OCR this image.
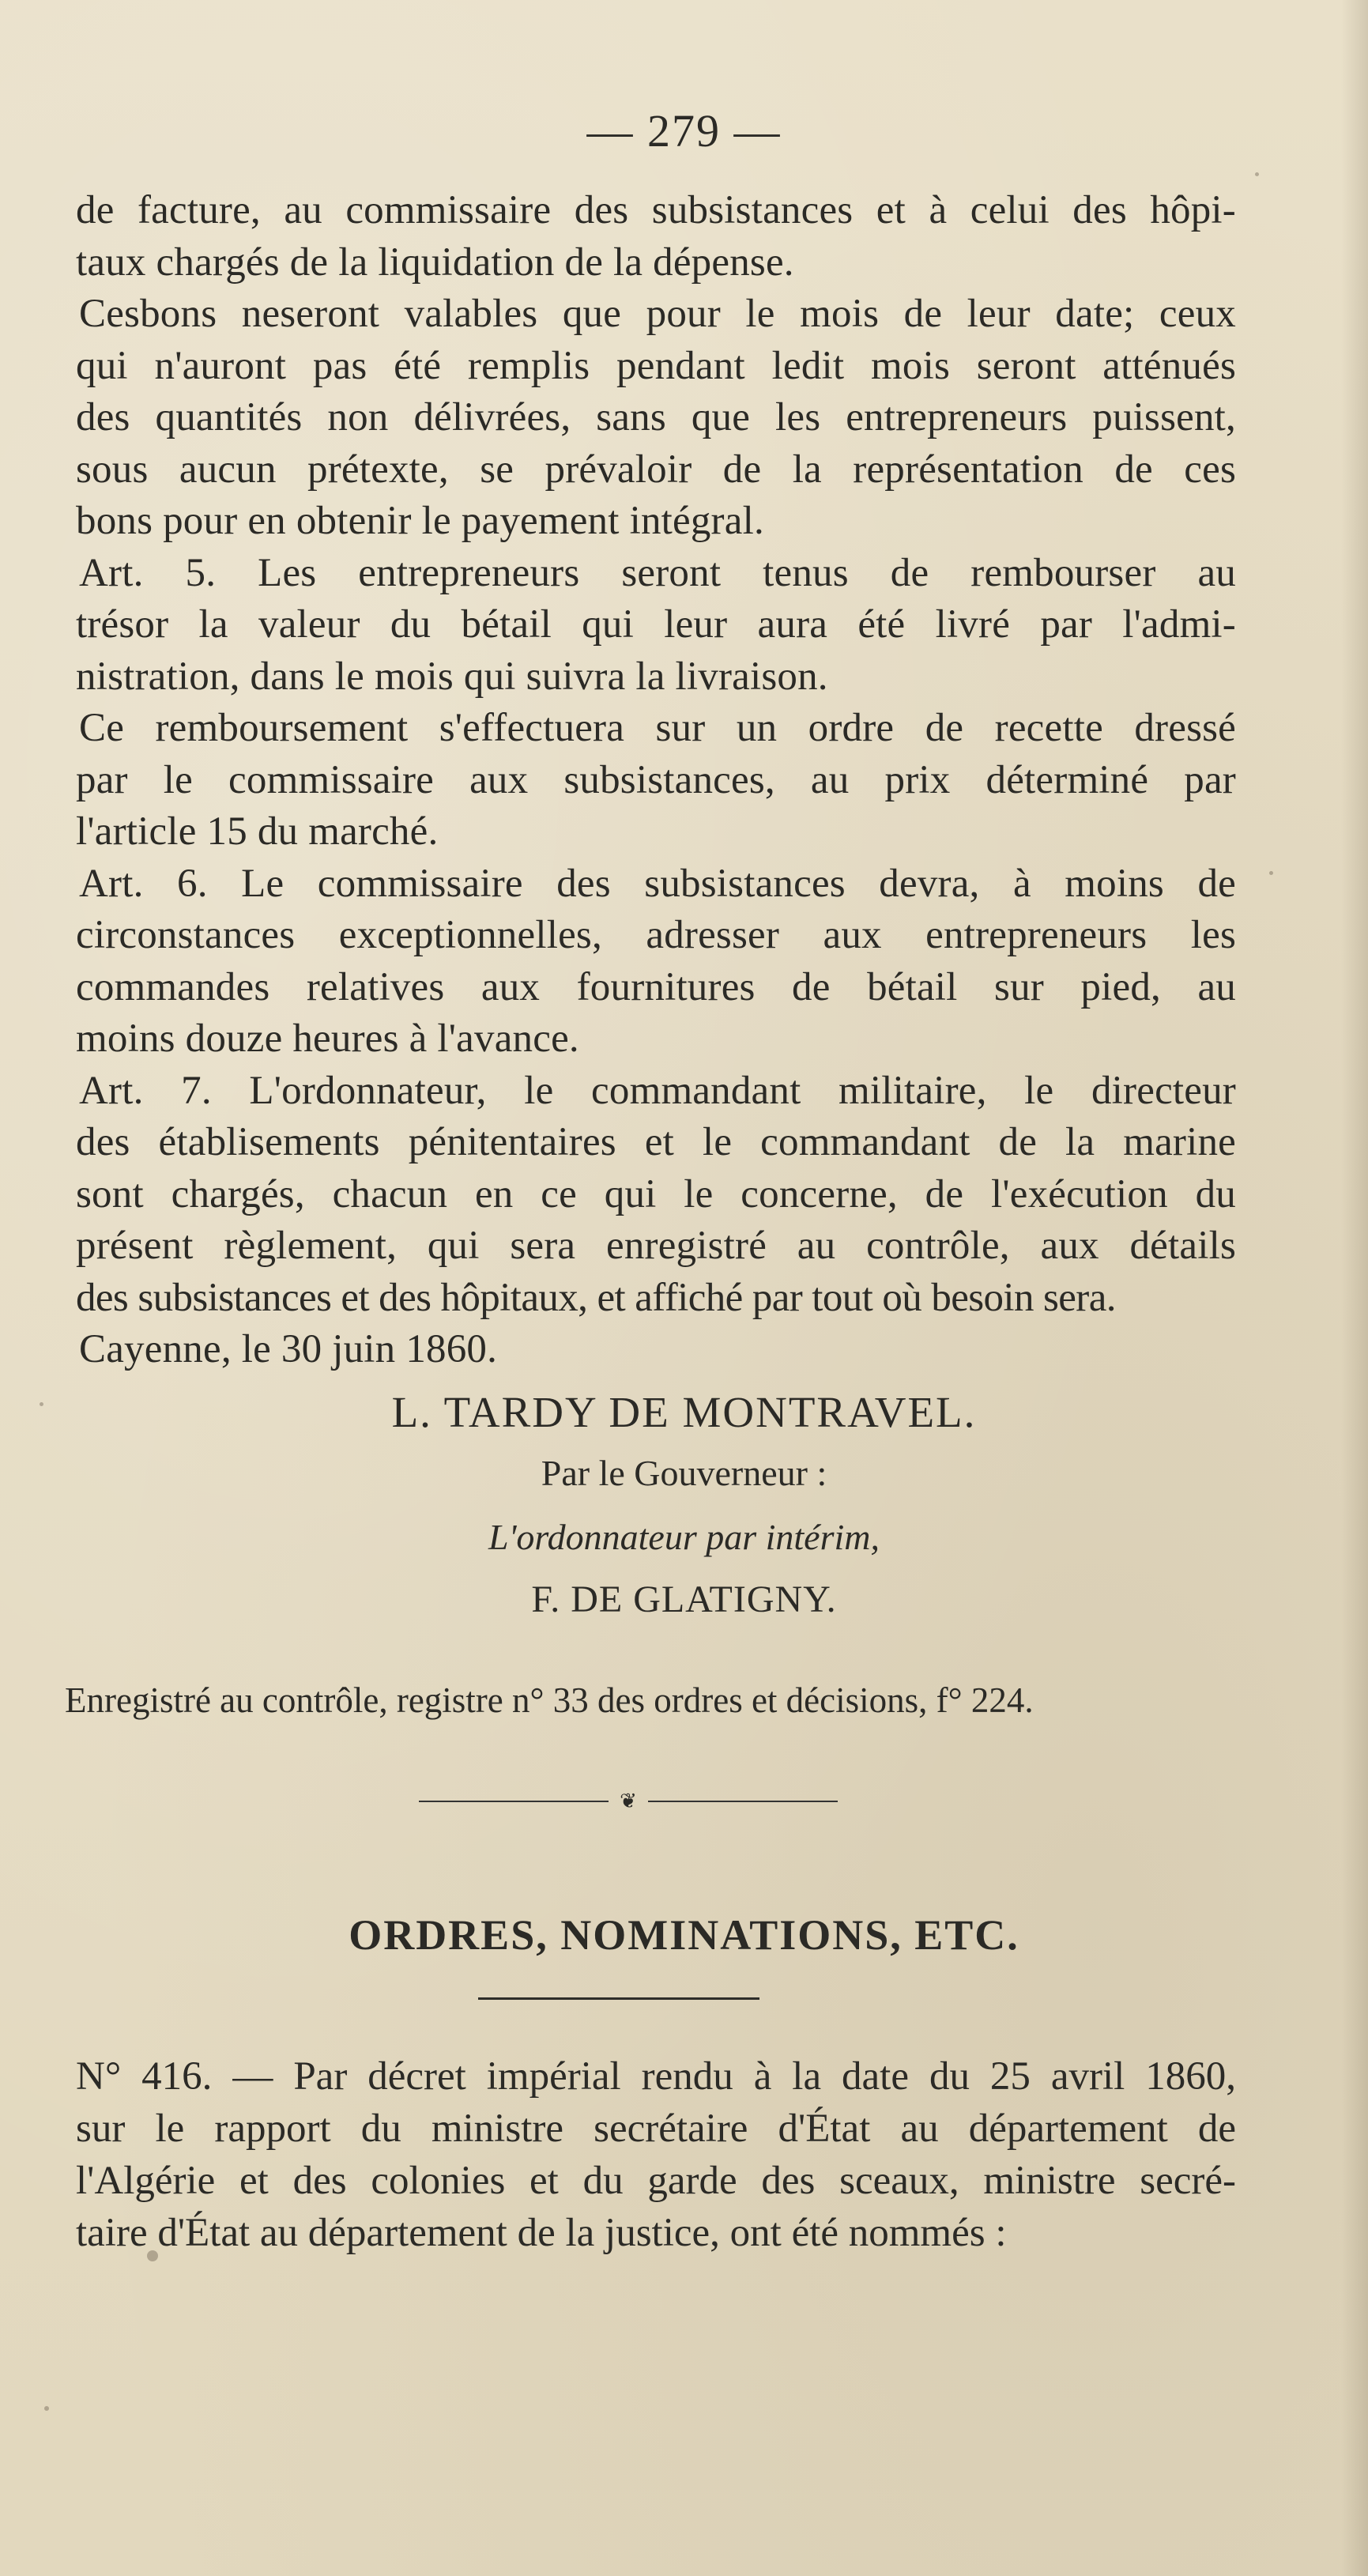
— 279 —

de facture, au commissaire des subsistances et à celui des hôpi-

taux chargés de la liquidation de la dépense.

Cesbons neseront valables que pour le mois de leur date; ceux

qui n'auront pas été remplis pendant ledit mois seront atténués

des quantités non délivrées, sans que les entrepreneurs puissent,

sous aucun prétexte, se prévaloir de la représentation de ces

bons pour en obtenir le payement intégral.

Art. 5. Les entrepreneurs seront tenus de rembourser au

trésor la valeur du bétail qui leur aura été livré par l'admi-

nistration, dans le mois qui suivra la livraison.

Ce remboursement s'effectuera sur un ordre de recette dressé

par le commissaire aux subsistances, au prix déterminé par

l'article 15 du marché.

Art. 6. Le commissaire des subsistances devra, à moins de

circonstances exceptionnelles, adresser aux entrepreneurs les

commandes relatives aux fournitures de bétail sur pied, au

moins douze heures à l'avance.

Art. 7. L'ordonnateur, le commandant militaire, le directeur

des établisements pénitentaires et le commandant de la marine

sont chargés, chacun en ce qui le concerne, de l'exécution du

présent règlement, qui sera enregistré au contrôle, aux détails

des subsistances et des hôpitaux, et affiché par tout où besoin sera.

Cayenne, le 30 juin 1860.

L. TARDY DE MONTRAVEL.
Par le Gouverneur :
L'ordonnateur par intérim,
F. DE GLATIGNY.
Enregistré au contrôle, registre n° 33 des ordres et décisions, f° 224.
❦
ORDRES, NOMINATIONS, ETC.

N° 416. — Par décret impérial rendu à la date du 25 avril 1860,

sur le rapport du ministre secrétaire d'État au département de

l'Algérie et des colonies et du garde des sceaux, ministre secré-

taire d'État au département de la justice, ont été nommés :
